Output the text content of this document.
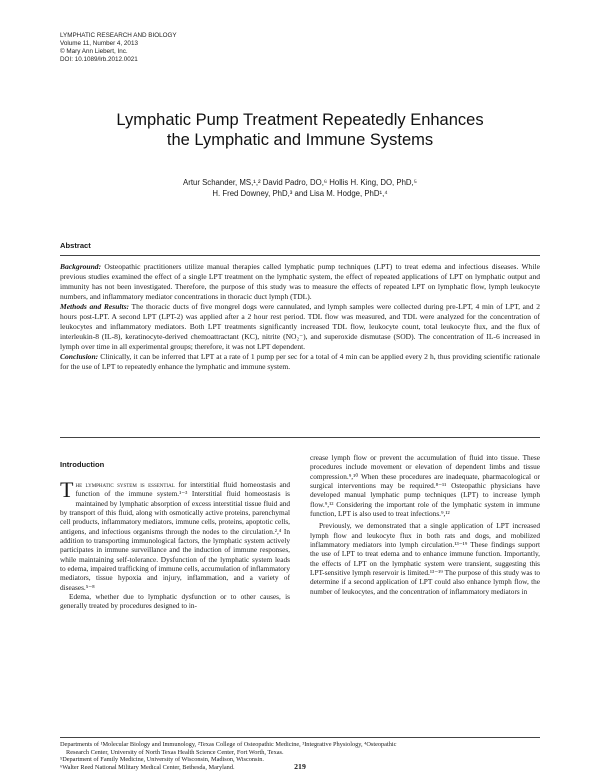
LYMPHATIC RESEARCH AND BIOLOGY
Volume 11, Number 4, 2013
© Mary Ann Liebert, Inc.
DOI: 10.1089/lrb.2012.0021
Lymphatic Pump Treatment Repeatedly Enhances
the Lymphatic and Immune Systems
Artur Schander, MS,¹,² David Padro, DO,⁶ Hollis H. King, DO, PhD,⁵
H. Fred Downey, PhD,³ and Lisa M. Hodge, PhD¹,⁴
Abstract

Background: Osteopathic practitioners utilize manual therapies called lymphatic pump techniques (LPT) to treat edema and infectious diseases. While previous studies examined the effect of a single LPT treatment on the lymphatic system, the effect of repeated applications of LPT on lymphatic output and immunity has not been investigated. Therefore, the purpose of this study was to measure the effects of repeated LPT on lymphatic flow, lymph leukocyte numbers, and inflammatory mediator concentrations in thoracic duct lymph (TDL).

Methods and Results: The thoracic ducts of five mongrel dogs were cannulated, and lymph samples were collected during pre-LPT, 4 min of LPT, and 2 hours post-LPT. A second LPT (LPT-2) was applied after a 2 hour rest period. TDL flow was measured, and TDL were analyzed for the concentration of leukocytes and inflammatory mediators. Both LPT treatments significantly increased TDL flow, leukocyte count, total leukocyte flux, and the flux of interleukin-8 (IL-8), keratinocyte-derived chemoattractant (KC), nitrite (NO₂⁻), and superoxide dismutase (SOD). The concentration of IL-6 increased in lymph over time in all experimental groups; therefore, it was not LPT dependent.

Conclusion: Clinically, it can be inferred that LPT at a rate of 1 pump per sec for a total of 4 min can be applied every 2 h, thus providing scientific rationale for the use of LPT to repeatedly enhance the lymphatic and immune system.

Introduction

The lymphatic system is essential for interstitial fluid homeostasis and function of the immune system.¹⁻³ Interstitial fluid homeostasis is maintained by lymphatic absorption of excess interstitial tissue fluid and by transport of this fluid, along with osmotically active proteins, parenchymal cell products, inflammatory mediators, immune cells, proteins, apoptotic cells, antigens, and infectious organisms through the nodes to the circulation.²,⁴ In addition to transporting immunological factors, the lymphatic system actively participates in immune surveillance and the induction of immune responses, while maintaining self-tolerance. Dysfunction of the lymphatic system leads to edema, impaired trafficking of immune cells, accumulation of inflammatory mediators, tissue hypoxia and injury, inflammation, and a variety of diseases.⁵⁻⁸

Edema, whether due to lymphatic dysfunction or to other causes, is generally treated by procedures designed to in-

crease lymph flow or prevent the accumulation of fluid into tissue. These procedures include movement or elevation of dependent limbs and tissue compression.⁹,¹⁰ When these procedures are inadequate, pharmacological or surgical interventions may be required.⁸⁻¹¹ Osteopathic physicians have developed manual lymphatic pump techniques (LPT) to increase lymph flow.⁹,¹² Considering the important role of the lymphatic system in immune function, LPT is also used to treat infections.⁹,¹²

Previously, we demonstrated that a single application of LPT increased lymph flow and leukocyte flux in both rats and dogs, and mobilized inflammatory mediators into lymph circulation.¹³⁻¹⁹ These findings support the use of LPT to treat edema and to enhance immune function. Importantly, the effects of LPT on the lymphatic system were transient, suggesting this LPT-sensitive lymph reservoir is limited.¹³⁻¹⁹ The purpose of this study was to determine if a second application of LPT could also enhance lymph flow, the number of leukocytes, and the concentration of inflammatory mediators in

Departments of ¹Molecular Biology and Immunology, ²Texas College of Osteopathic Medicine, ³Integrative Physiology, ⁴Osteopathic
Research Center, University of North Texas Health Science Center, Fort Worth, Texas.
⁵Department of Family Medicine, University of Wisconsin, Madison, Wisconsin.
⁶Walter Reed National Military Medical Center, Bethesda, Maryland.	219
